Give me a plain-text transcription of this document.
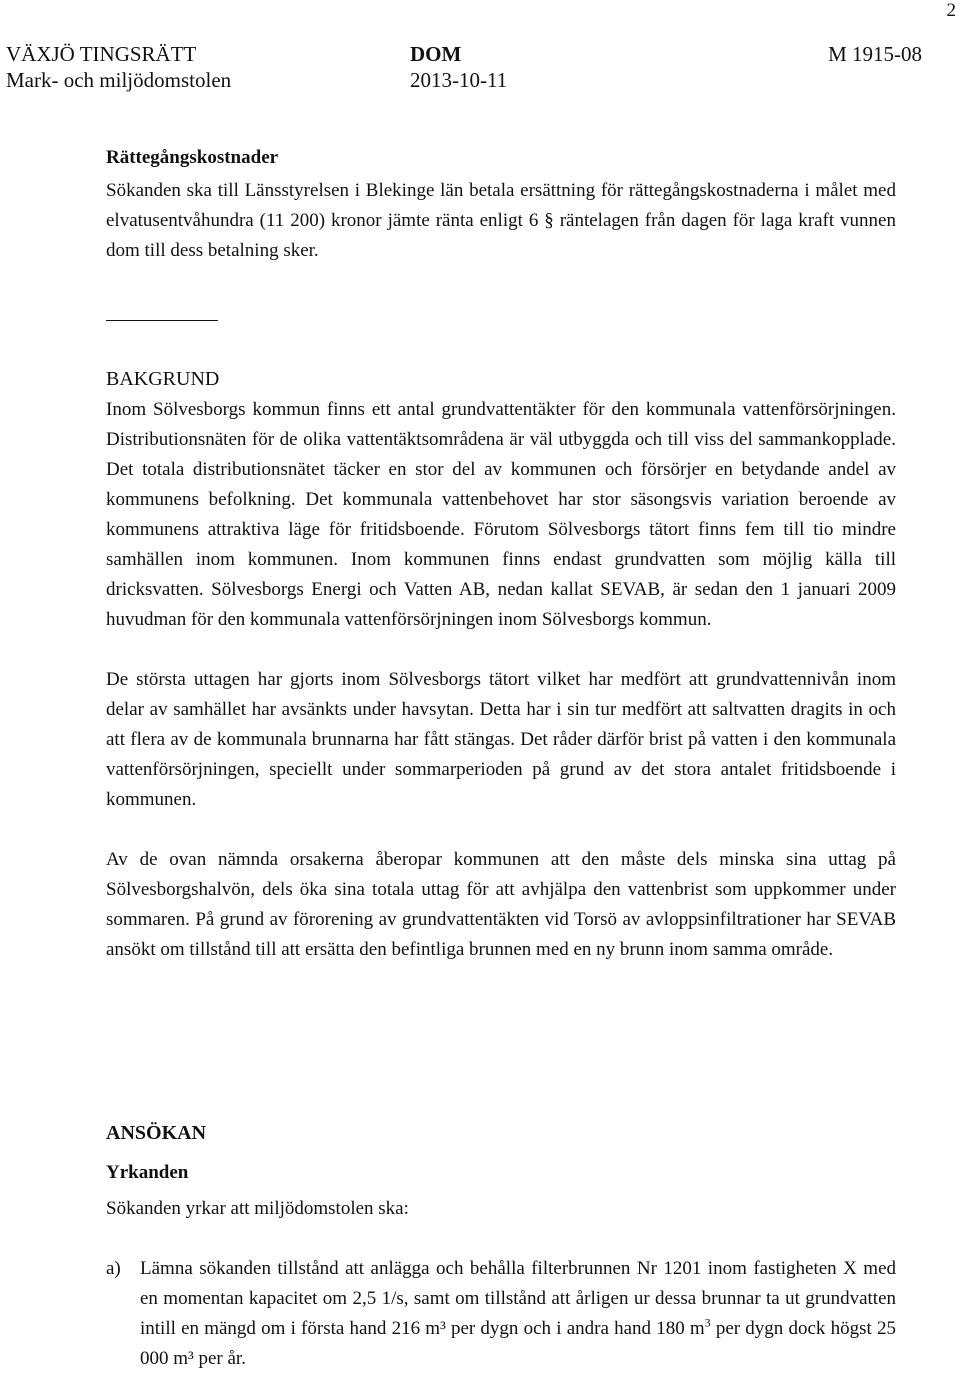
2
VÄXJÖ TINGSRÄTT
Mark- och miljödomstolen
DOM
2013-10-11
M 1915-08
Rättegångskostnader

Sökanden ska till Länsstyrelsen i Blekinge län betala ersättning för rättegångskostnaderna i målet med elvatusentvåhundra (11 200) kronor jämte ränta enligt 6 § räntelagen från dagen för laga kraft vunnen dom till dess betalning sker.

BAKGRUND

Inom Sölvesborgs kommun finns ett antal grundvattentäkter för den kommunala vattenförsörjningen. Distributionsnäten för de olika vattentäktsområdena är väl utbyggda och till viss del sammankopplade. Det totala distributionsnätet täcker en stor del av kommunen och försörjer en betydande andel av kommunens befolkning. Det kommunala vattenbehovet har stor säsongsvis variation beroende av kommunens attraktiva läge för fritidsboende. Förutom Sölvesborgs tätort finns fem till tio mindre samhällen inom kommunen. Inom kommunen finns endast grundvatten som möjlig källa till dricksvatten. Sölvesborgs Energi och Vatten AB, nedan kallat SEVAB, är sedan den 1 januari 2009 huvudman för den kommunala vattenförsörjningen inom Sölvesborgs kommun.

De största uttagen har gjorts inom Sölvesborgs tätort vilket har medfört att grundvattennivån inom delar av samhället har avsänkts under havsytan. Detta har i sin tur medfört att saltvatten dragits in och att flera av de kommunala brunnarna har fått stängas. Det råder därför brist på vatten i den kommunala vattenförsörjningen, speciellt under sommarperioden på grund av det stora antalet fritidsboende i kommunen.

Av de ovan nämnda orsakerna åberopar kommunen att den måste dels minska sina uttag på Sölvesborgshalvön, dels öka sina totala uttag för att avhjälpa den vattenbrist som uppkommer under sommaren. På grund av förorening av grundvattentäkten vid Torsö av avloppsinfiltrationer har SEVAB ansökt om tillstånd till att ersätta den befintliga brunnen med en ny brunn inom samma område.

ANSÖKAN
Yrkanden
Sökanden yrkar att miljödomstolen ska:
a)	Lämna sökanden tillstånd att anlägga och behålla filterbrunnen Nr 1201 inom fastigheten X med en momentan kapacitet om 2,5 1/s, samt om tillstånd att årligen ur dessa brunnar ta ut grundvatten intill en mängd om i första hand 216 m³ per dygn och i andra hand 180 $m^3$ per dygn dock högst 25 000 m³ per år.
